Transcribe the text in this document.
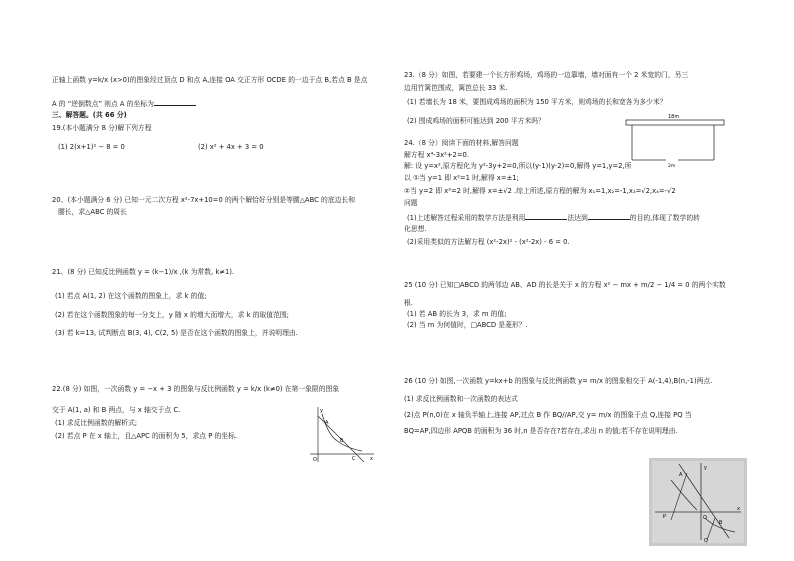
正轴上函数 y=k/x (x>0)的图象经过顶点 D 和点 A,连接 OA 交正方形 OCDE 的一边于点 B,若点 B 是点
A 的 “逆倒数点” 则点 A 的坐标为
三、解答题。(共 66 分)
19.(本小题满分 8 分)解下列方程
(1) 2(x+1)² − 8 = 0	(2) x² + 4x + 3 = 0
20、(本小题满分 6 分) 已知一元二次方程 x²-7x+10=0 的两个解恰好分别是等腰△ABC 的底边长和
腰长，求△ABC 的周长
21、(8 分) 已知反比例函数 y = (k−1)/x ,(k 为常数, k≠1).
(1) 若点 A(1, 2) 在这个函数的图象上，求 k 的值;
(2) 若在这个函数图象的每一分支上，y 随 x 的增大而增大，求 k 的取值范围;
(3) 若 k=13, 试判断点 B(3, 4), C(2, 5) 是否在这个函数的图象上，并说明理由.
22.(8 分) 如图，一次函数 y = −x + 3 的图象与反比例函数 y = k/x (k≠0) 在第一象限的图象
交于 A(1, a) 和 B 两点，与 x 轴交于点 C.
(1) 求反比例函数的解析式;
(2) 若点 P 在 x 轴上，且△APC 的面积为 5，求点 P 的坐标.
y
x
O
A
B
C
23.（8 分）如图，若要建一个长方形鸡场，鸡场的一边靠墙，墙对面有一个 2 米宽的门，另三
边用竹篱笆围成，篱笆总长 33 米.
(1) 若墙长为 18 米，要围成鸡场的面积为 150 平方米，则鸡场的长和宽各为多少米？
(2) 围成鸡场的面积可能达到 200 平方米吗？	18m
2m
24.（8 分）阅读下面的材料,解答问题
解方程 x⁴-3x²+2=0.
解: 设 y=x²,原方程化为 y²-3y+2=0,所以(y-1)(y-2)=0,解得 y=1,y=2,所
以 ①当 y=1 即 x²=1 时,解得 x=±1;
②当 y=2 即 x²=2 时,解得 x=±√2 .综上所述,原方程的解为 x₁=1,x₂=-1,x₃=√2,x₄=-√2
问题
(1)上述解答过程采用的数学方法是利用	法达到	的目的,体现了数学的转
化思想.
(2)采用类似的方法解方程 (x²-2x)² - (x²-2x) - 6 = 0.
25 (10 分) 已知□ABCD 的两邻边 AB、AD 的长是关于 x 的方程 x² − mx + m/2 − 1/4 = 0 的两个实数
根.
(1) 若 AB 的长为 3，求 m 的值;
(2) 当 m 为何值时，□ABCD 是菱形？.
26 (10 分) 如图,一次函数 y=kx+b 的图象与反比例函数 y= m/x 的图象相交于 A(-1,4),B(n,-1)两点.
(1) 求反比例函数和一次函数的表达式
(2)点 P(n,0)在 x 轴负半轴上,连接 AP,过点 B 作 BQ//AP,交 y= m/x 的图象于点 Q,连接 PQ 当
BQ=AP,四边形 APQB 的面积为 36 时,n 是否存在?若存在,求出 n 的值;若不存在说明理由.
y
x
A
B
O
P
Q
